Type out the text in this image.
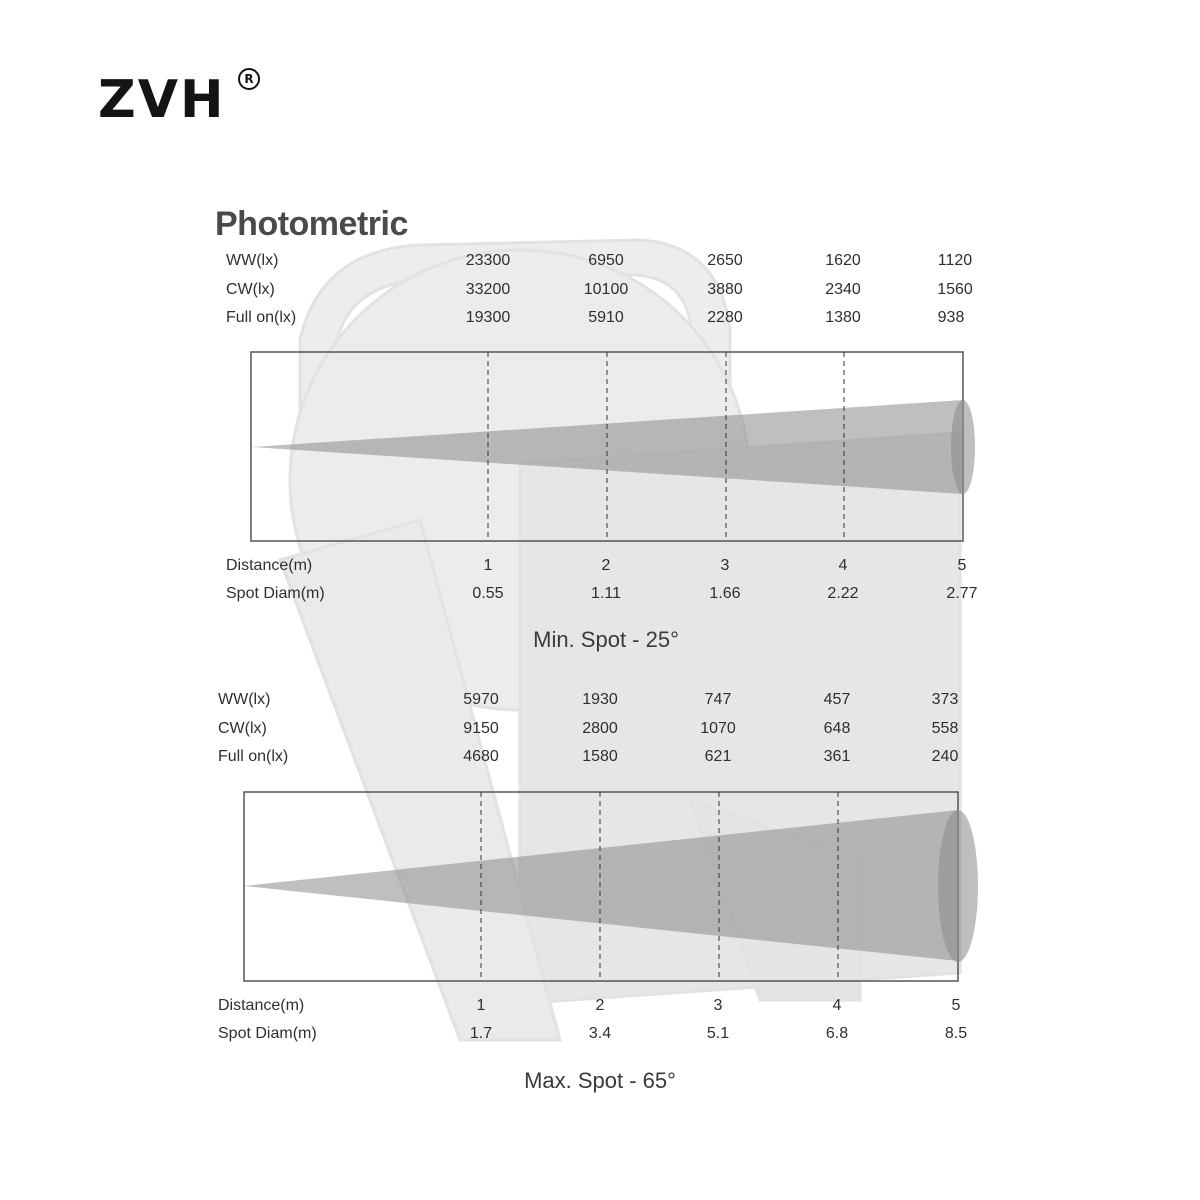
ZVH	R
Photometric
WW(lx)	23300	6950	2650	1620	1120
CW(lx)	33200	10100	3880	2340	1560
Full on(lx)	19300	5910	2280	1380	938
Distance(m)	1	2	3	4	5
Spot Diam(m)	0.55	1.11	1.66	2.22	2.77
Min. Spot - 25°
WW(lx)	5970	1930	747	457	373
CW(lx)	9150	2800	1070	648	558
Full on(lx)	4680	1580	621	361	240
Distance(m)	1	2	3	4	5
Spot Diam(m)	1.7	3.4	5.1	6.8	8.5
Max. Spot - 65°
